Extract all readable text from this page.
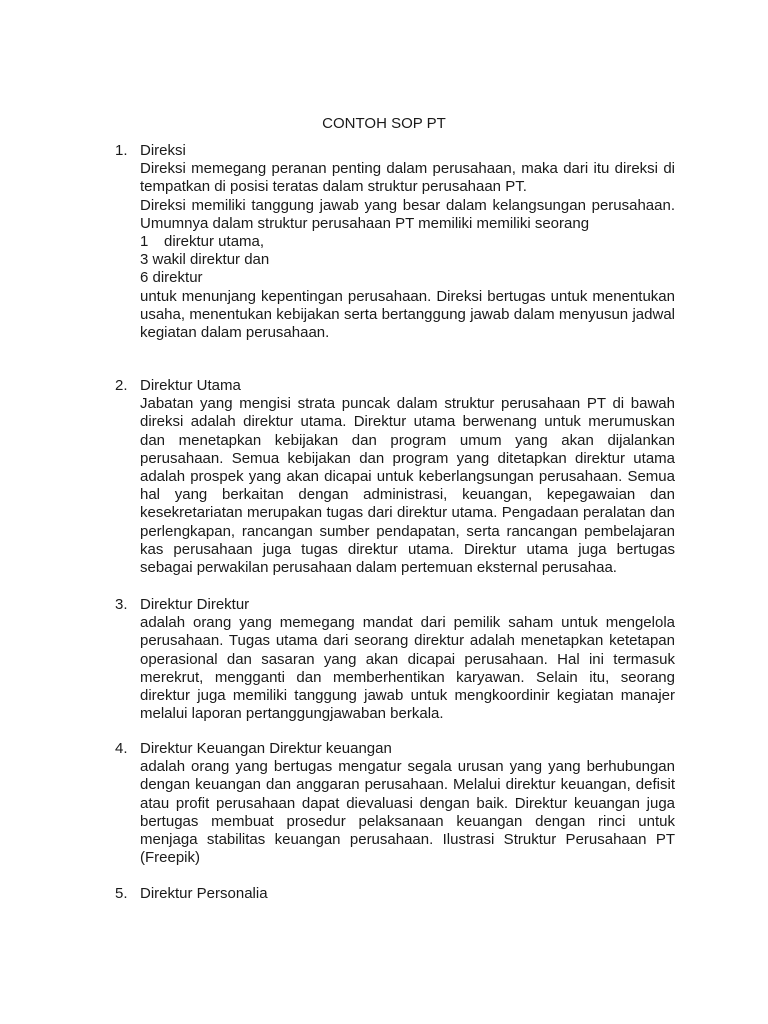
CONTOH SOP PT
1. Direksi
Direksi memegang peranan penting dalam perusahaan, maka dari itu direksi di tempatkan di posisi teratas dalam struktur perusahaan PT.
Direksi memiliki tanggung jawab yang besar dalam kelangsungan perusahaan. Umumnya dalam struktur perusahaan PT memiliki memiliki seorang
1 direktur utama,
3 wakil direktur dan
6 direktur
untuk menunjang kepentingan perusahaan. Direksi bertugas untuk menentukan usaha, menentukan kebijakan serta bertanggung jawab dalam menyusun jadwal kegiatan dalam perusahaan.
2. Direktur Utama
Jabatan yang mengisi strata puncak dalam struktur perusahaan PT di bawah direksi adalah direktur utama. Direktur utama berwenang untuk merumuskan dan menetapkan kebijakan dan program umum yang akan dijalankan perusahaan. Semua kebijakan dan program yang ditetapkan direktur utama adalah prospek yang akan dicapai untuk keberlangsungan perusahaan. Semua hal yang berkaitan dengan administrasi, keuangan, kepegawaian dan kesekretariatan merupakan tugas dari direktur utama. Pengadaan peralatan dan perlengkapan, rancangan sumber pendapatan, serta rancangan pembelajaran kas perusahaan juga tugas direktur utama. Direktur utama juga bertugas sebagai perwakilan perusahaan dalam pertemuan eksternal perusahaa.
3. Direktur Direktur
adalah orang yang memegang mandat dari pemilik saham untuk mengelola perusahaan. Tugas utama dari seorang direktur adalah menetapkan ketetapan operasional dan sasaran yang akan dicapai perusahaan. Hal ini termasuk merekrut, mengganti dan memberhentikan karyawan. Selain itu, seorang direktur juga memiliki tanggung jawab untuk mengkoordinir kegiatan manajer melalui laporan pertanggungjawaban berkala.
4. Direktur Keuangan Direktur keuangan
adalah orang yang bertugas mengatur segala urusan yang yang berhubungan dengan keuangan dan anggaran perusahaan. Melalui direktur keuangan, defisit atau profit perusahaan dapat dievaluasi dengan baik. Direktur keuangan juga bertugas membuat prosedur pelaksanaan keuangan dengan rinci untuk menjaga stabilitas keuangan perusahaan. Ilustrasi Struktur Perusahaan PT (Freepik)
5. Direktur Personalia
